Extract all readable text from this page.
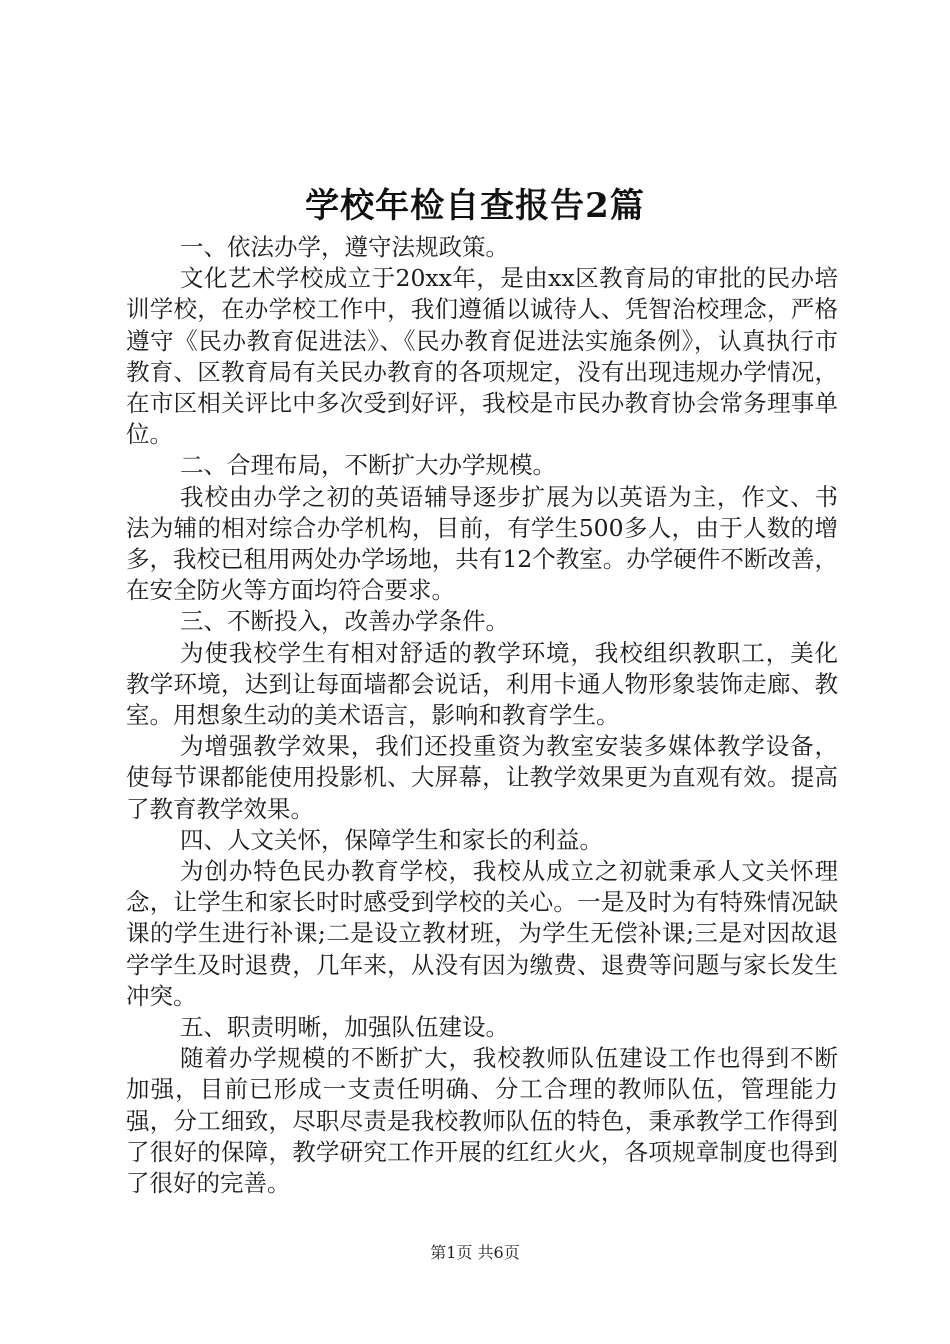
学校年检自查报告2篇

一、依法办学，遵守法规政策。

文化艺术学校成立于20xx年，是由xx区教育局的审批的民办培训学校，在办学校工作中，我们遵循以诚待人、凭智治校理念，严格遵守《民办教育促进法》、《民办教育促进法实施条例》，认真执行市教育、区教育局有关民办教育的各项规定，没有出现违规办学情况，在市区相关评比中多次受到好评，我校是市民办教育协会常务理事单位。

二、合理布局，不断扩大办学规模。

我校由办学之初的英语辅导逐步扩展为以英语为主，作文、书法为辅的相对综合办学机构，目前，有学生500多人，由于人数的增多，我校已租用两处办学场地，共有12个教室。办学硬件不断改善，在安全防火等方面均符合要求。

三、不断投入，改善办学条件。

为使我校学生有相对舒适的教学环境，我校组织教职工，美化教学环境，达到让每面墙都会说话，利用卡通人物形象装饰走廊、教室。用想象生动的美术语言，影响和教育学生。

为增强教学效果，我们还投重资为教室安装多媒体教学设备，使每节课都能使用投影机、大屏幕，让教学效果更为直观有效。提高了教育教学效果。

四、人文关怀，保障学生和家长的利益。

为创办特色民办教育学校，我校从成立之初就秉承人文关怀理念，让学生和家长时时感受到学校的关心。一是及时为有特殊情况缺课的学生进行补课;二是设立教材班，为学生无偿补课;三是对因故退学学生及时退费，几年来，从没有因为缴费、退费等问题与家长发生冲突。

五、职责明晰，加强队伍建设。

随着办学规模的不断扩大，我校教师队伍建设工作也得到不断加强，目前已形成一支责任明确、分工合理的教师队伍，管理能力强，分工细致，尽职尽责是我校教师队伍的特色，秉承教学工作得到了很好的保障，教学研究工作开展的红红火火，各项规章制度也得到了很好的完善。

第1页 共6页
